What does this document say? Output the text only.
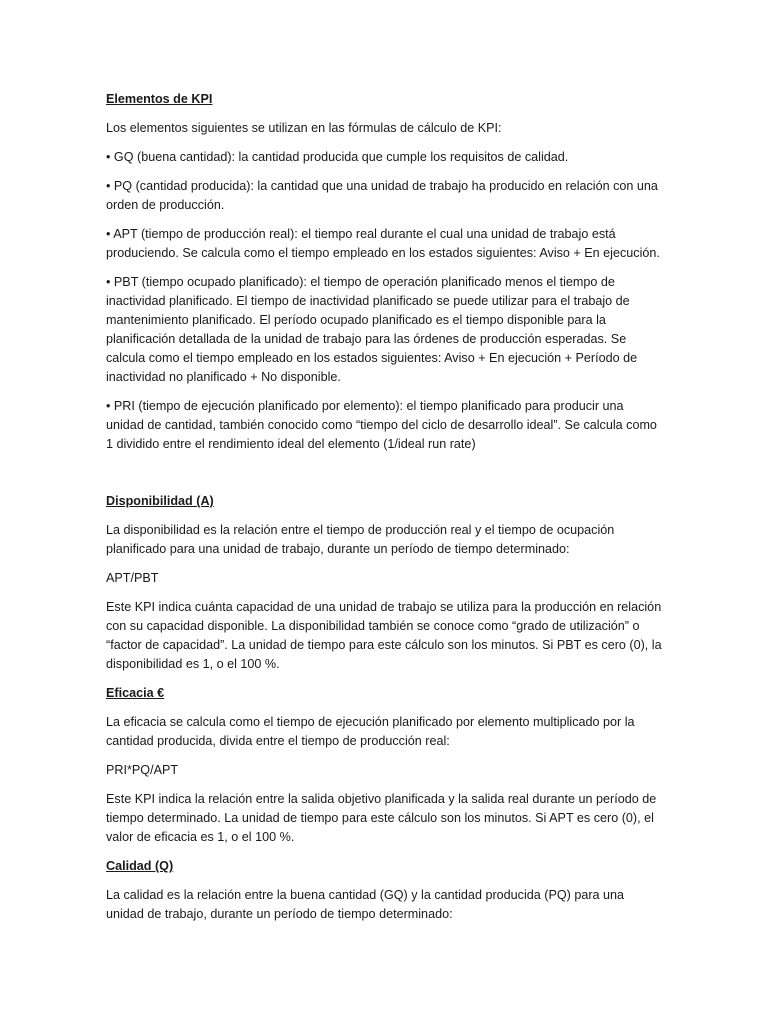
Elementos de KPI

Los elementos siguientes se utilizan en las fórmulas de cálculo de KPI:

• GQ (buena cantidad): la cantidad producida que cumple los requisitos de calidad.

• PQ (cantidad producida): la cantidad que una unidad de trabajo ha producido en relación con una orden de producción.

• APT (tiempo de producción real): el tiempo real durante el cual una unidad de trabajo está produciendo. Se calcula como el tiempo empleado en los estados siguientes: Aviso + En ejecución.

• PBT (tiempo ocupado planificado): el tiempo de operación planificado menos el tiempo de inactividad planificado. El tiempo de inactividad planificado se puede utilizar para el trabajo de mantenimiento planificado. El período ocupado planificado es el tiempo disponible para la planificación detallada de la unidad de trabajo para las órdenes de producción esperadas. Se calcula como el tiempo empleado en los estados siguientes: Aviso + En ejecución + Período de inactividad no planificado + No disponible.

• PRI (tiempo de ejecución planificado por elemento): el tiempo planificado para producir una unidad de cantidad, también conocido como “tiempo del ciclo de desarrollo ideal”. Se calcula como 1 dividido entre el rendimiento ideal del elemento (1/ideal run rate)

Disponibilidad (A)

La disponibilidad es la relación entre el tiempo de producción real y el tiempo de ocupación planificado para una unidad de trabajo, durante un período de tiempo determinado:

APT/PBT

Este KPI indica cuánta capacidad de una unidad de trabajo se utiliza para la producción en relación con su capacidad disponible. La disponibilidad también se conoce como “grado de utilización” o “factor de capacidad”. La unidad de tiempo para este cálculo son los minutos. Si PBT es cero (0), la disponibilidad es 1, o el 100 %.

Eficacia €

La eficacia se calcula como el tiempo de ejecución planificado por elemento multiplicado por la cantidad producida, divida entre el tiempo de producción real:

PRI*PQ/APT

Este KPI indica la relación entre la salida objetivo planificada y la salida real durante un período de tiempo determinado. La unidad de tiempo para este cálculo son los minutos. Si APT es cero (0), el valor de eficacia es 1, o el 100 %.

Calidad (Q)

La calidad es la relación entre la buena cantidad (GQ) y la cantidad producida (PQ) para una unidad de trabajo, durante un período de tiempo determinado:
